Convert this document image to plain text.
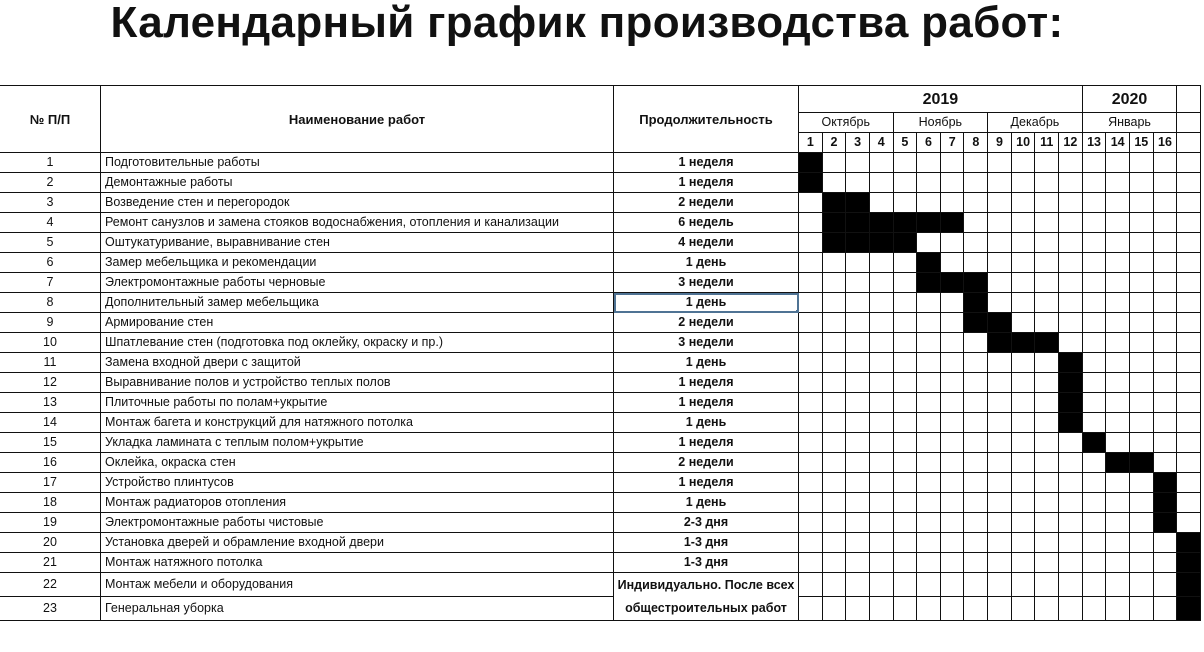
Календарный график производства работ:
№ П/П	Наименование работ	Продолжительность	2019												2020				
			Октябрь				Ноябрь				Декабрь				Январь				
			1	2	3	4	5	6	7	8	9	10	11	12	13	14	15	16	
1	Подготовительные работы	1 неделя																	
2	Демонтажные работы	1 неделя																	
3	Возведение стен и перегородок	2 недели																	
4	Ремонт санузлов и замена стояков водоснабжения, отопления и канализации	6 недель																	
5	Оштукатуривание, выравнивание стен	4 недели																	
6	Замер мебельщика и рекомендации	1 день																	
7	Электромонтажные работы черновые	3 недели																	
8	Дополнительный замер мебельщика	1 день																	
9	Армирование стен	2 недели																	
10	Шпатлевание стен (подготовка под оклейку, окраску и пр.)	3 недели																	
11	Замена входной двери с защитой	1 день																	
12	Выравнивание полов и устройство теплых полов	1 неделя																	
13	Плиточные работы по полам+укрытие	1 неделя																	
14	Монтаж багета и конструкций для натяжного потолка	1 день																	
15	Укладка ламината с теплым полом+укрытие	1 неделя																	
16	Оклейка, окраска стен	2 недели																	
17	Устройство плинтусов	1 неделя																	
18	Монтаж радиаторов отопления	1 день																	
19	Электромонтажные работы чистовые	2-3 дня																	
20	Установка дверей и обрамление входной двери	1-3 дня																	
21	Монтаж натяжного потолка	1-3 дня																	
22	Монтаж мебели и оборудования	Индивидуально. После всех общестроительных работ																	
23	Генеральная уборка																		
